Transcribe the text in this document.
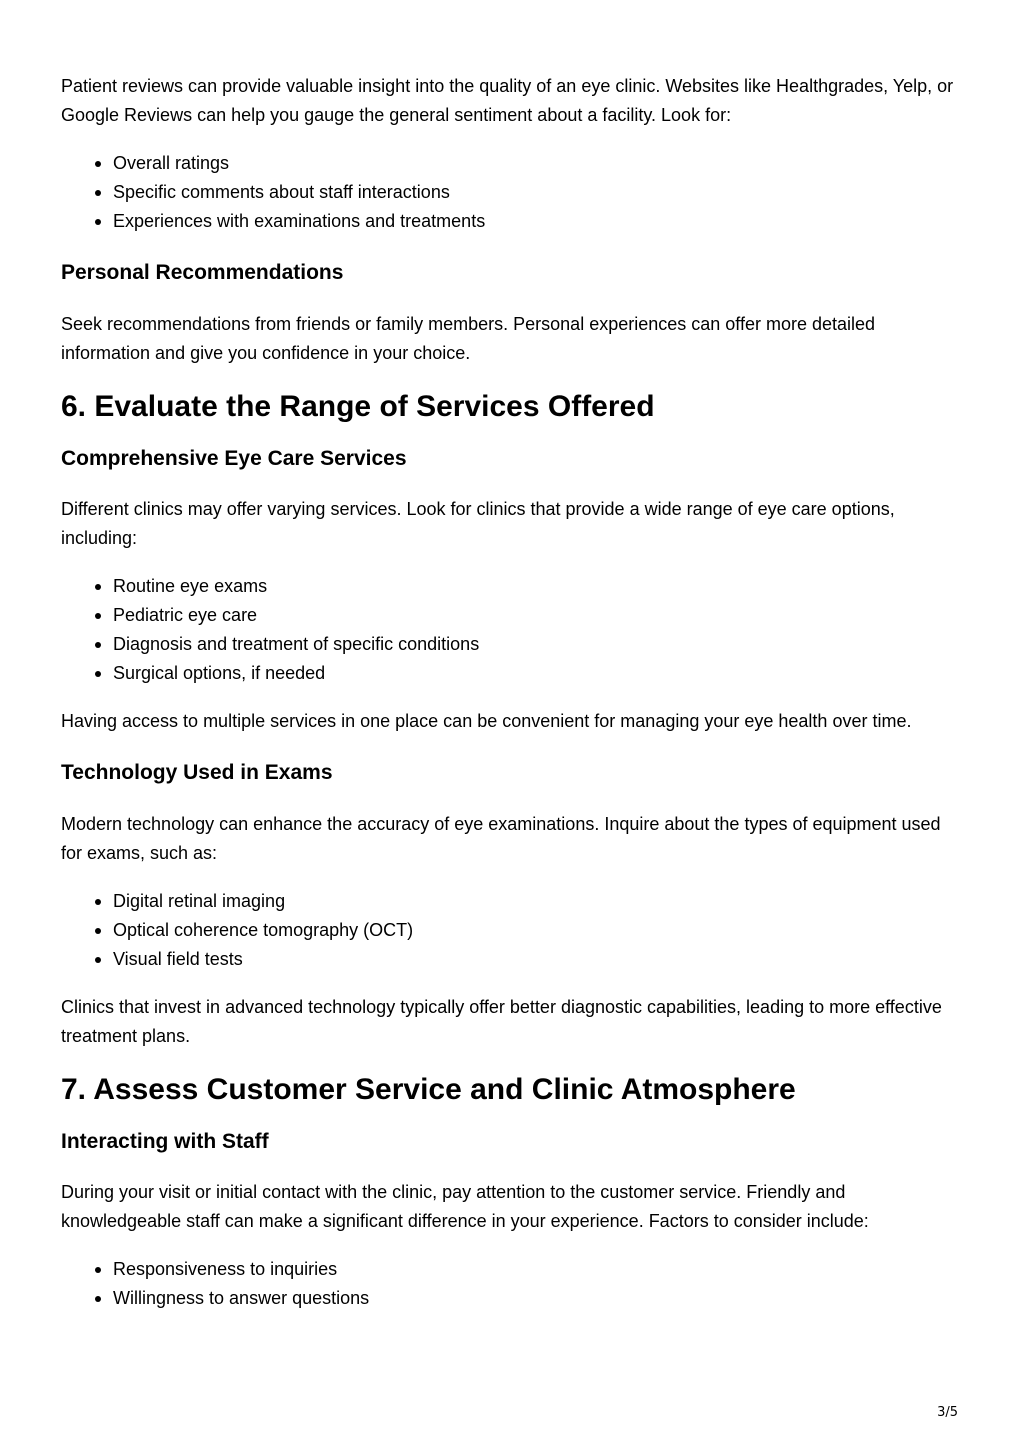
Patient reviews can provide valuable insight into the quality of an eye clinic. Websites like Healthgrades, Yelp, or Google Reviews can help you gauge the general sentiment about a facility. Look for:

Overall ratings
Specific comments about staff interactions
Experiences with examinations and treatments
Personal Recommendations

Seek recommendations from friends or family members. Personal experiences can offer more detailed information and give you confidence in your choice.

6. Evaluate the Range of Services Offered
Comprehensive Eye Care Services

Different clinics may offer varying services. Look for clinics that provide a wide range of eye care options, including:

Routine eye exams
Pediatric eye care
Diagnosis and treatment of specific conditions
Surgical options, if needed

Having access to multiple services in one place can be convenient for managing your eye health over time.

Technology Used in Exams

Modern technology can enhance the accuracy of eye examinations. Inquire about the types of equipment used for exams, such as:

Digital retinal imaging
Optical coherence tomography (OCT)
Visual field tests

Clinics that invest in advanced technology typically offer better diagnostic capabilities, leading to more effective treatment plans.

7. Assess Customer Service and Clinic Atmosphere
Interacting with Staff

During your visit or initial contact with the clinic, pay attention to the customer service. Friendly and knowledgeable staff can make a significant difference in your experience. Factors to consider include:

Responsiveness to inquiries
Willingness to answer questions
3/5
